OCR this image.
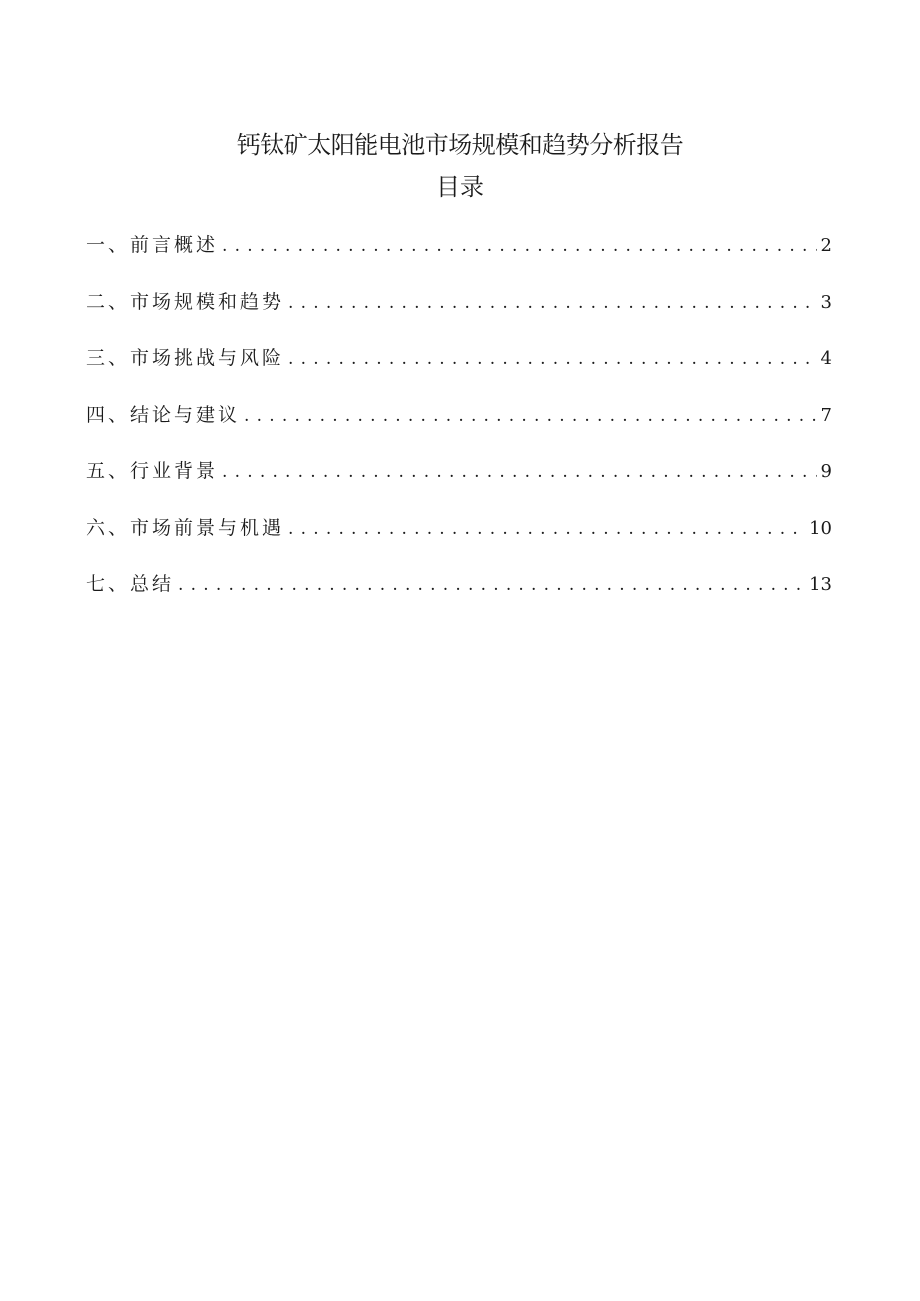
钙钛矿太阳能电池市场规模和趋势分析报告
目录
一、前言概述 . . .	2
二、市场规模和趋势 . . .	3
三、市场挑战与风险 . . .	4
四、结论与建议 . . .	7
五、行业背景 . . .	9
六、市场前景与机遇 . . .	10
七、总结 . . .	13
